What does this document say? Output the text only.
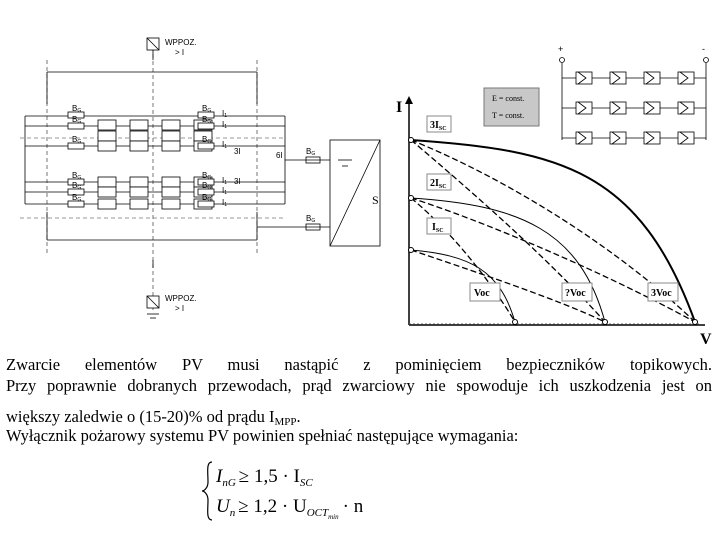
WPPOZ.
> I
WPPOZ.
> I
3I
3I
6I
S
BG	BG I1
BG	BG I1
BG	BG I1
BG	BG I1
BG	BG I1
BG	BG I1
BG
BG
E = const.
T = const.
+	-
I
V
$3I_{SC}$
$2I_{SC}$
$I_{SC}$
Voc	?Voc	3Voc
Zwarcie elementów PV musi nastąpić z pominięciem bezpieczników topikowych.
Przy poprawnie dobranych przewodach, prąd zwarciowy nie spowoduje ich uszkodzenia jest on
większy zaledwie o (15-20)% od prądu $I_{MPP}$.
Wyłącznik pożarowy systemu PV powinien spełniać następujące wymagania:
$I_{nG} \ge 1,5 \cdot I_{SC}$
$U_n \ge 1,2 \cdot U_{OCT}\min \cdot n$
